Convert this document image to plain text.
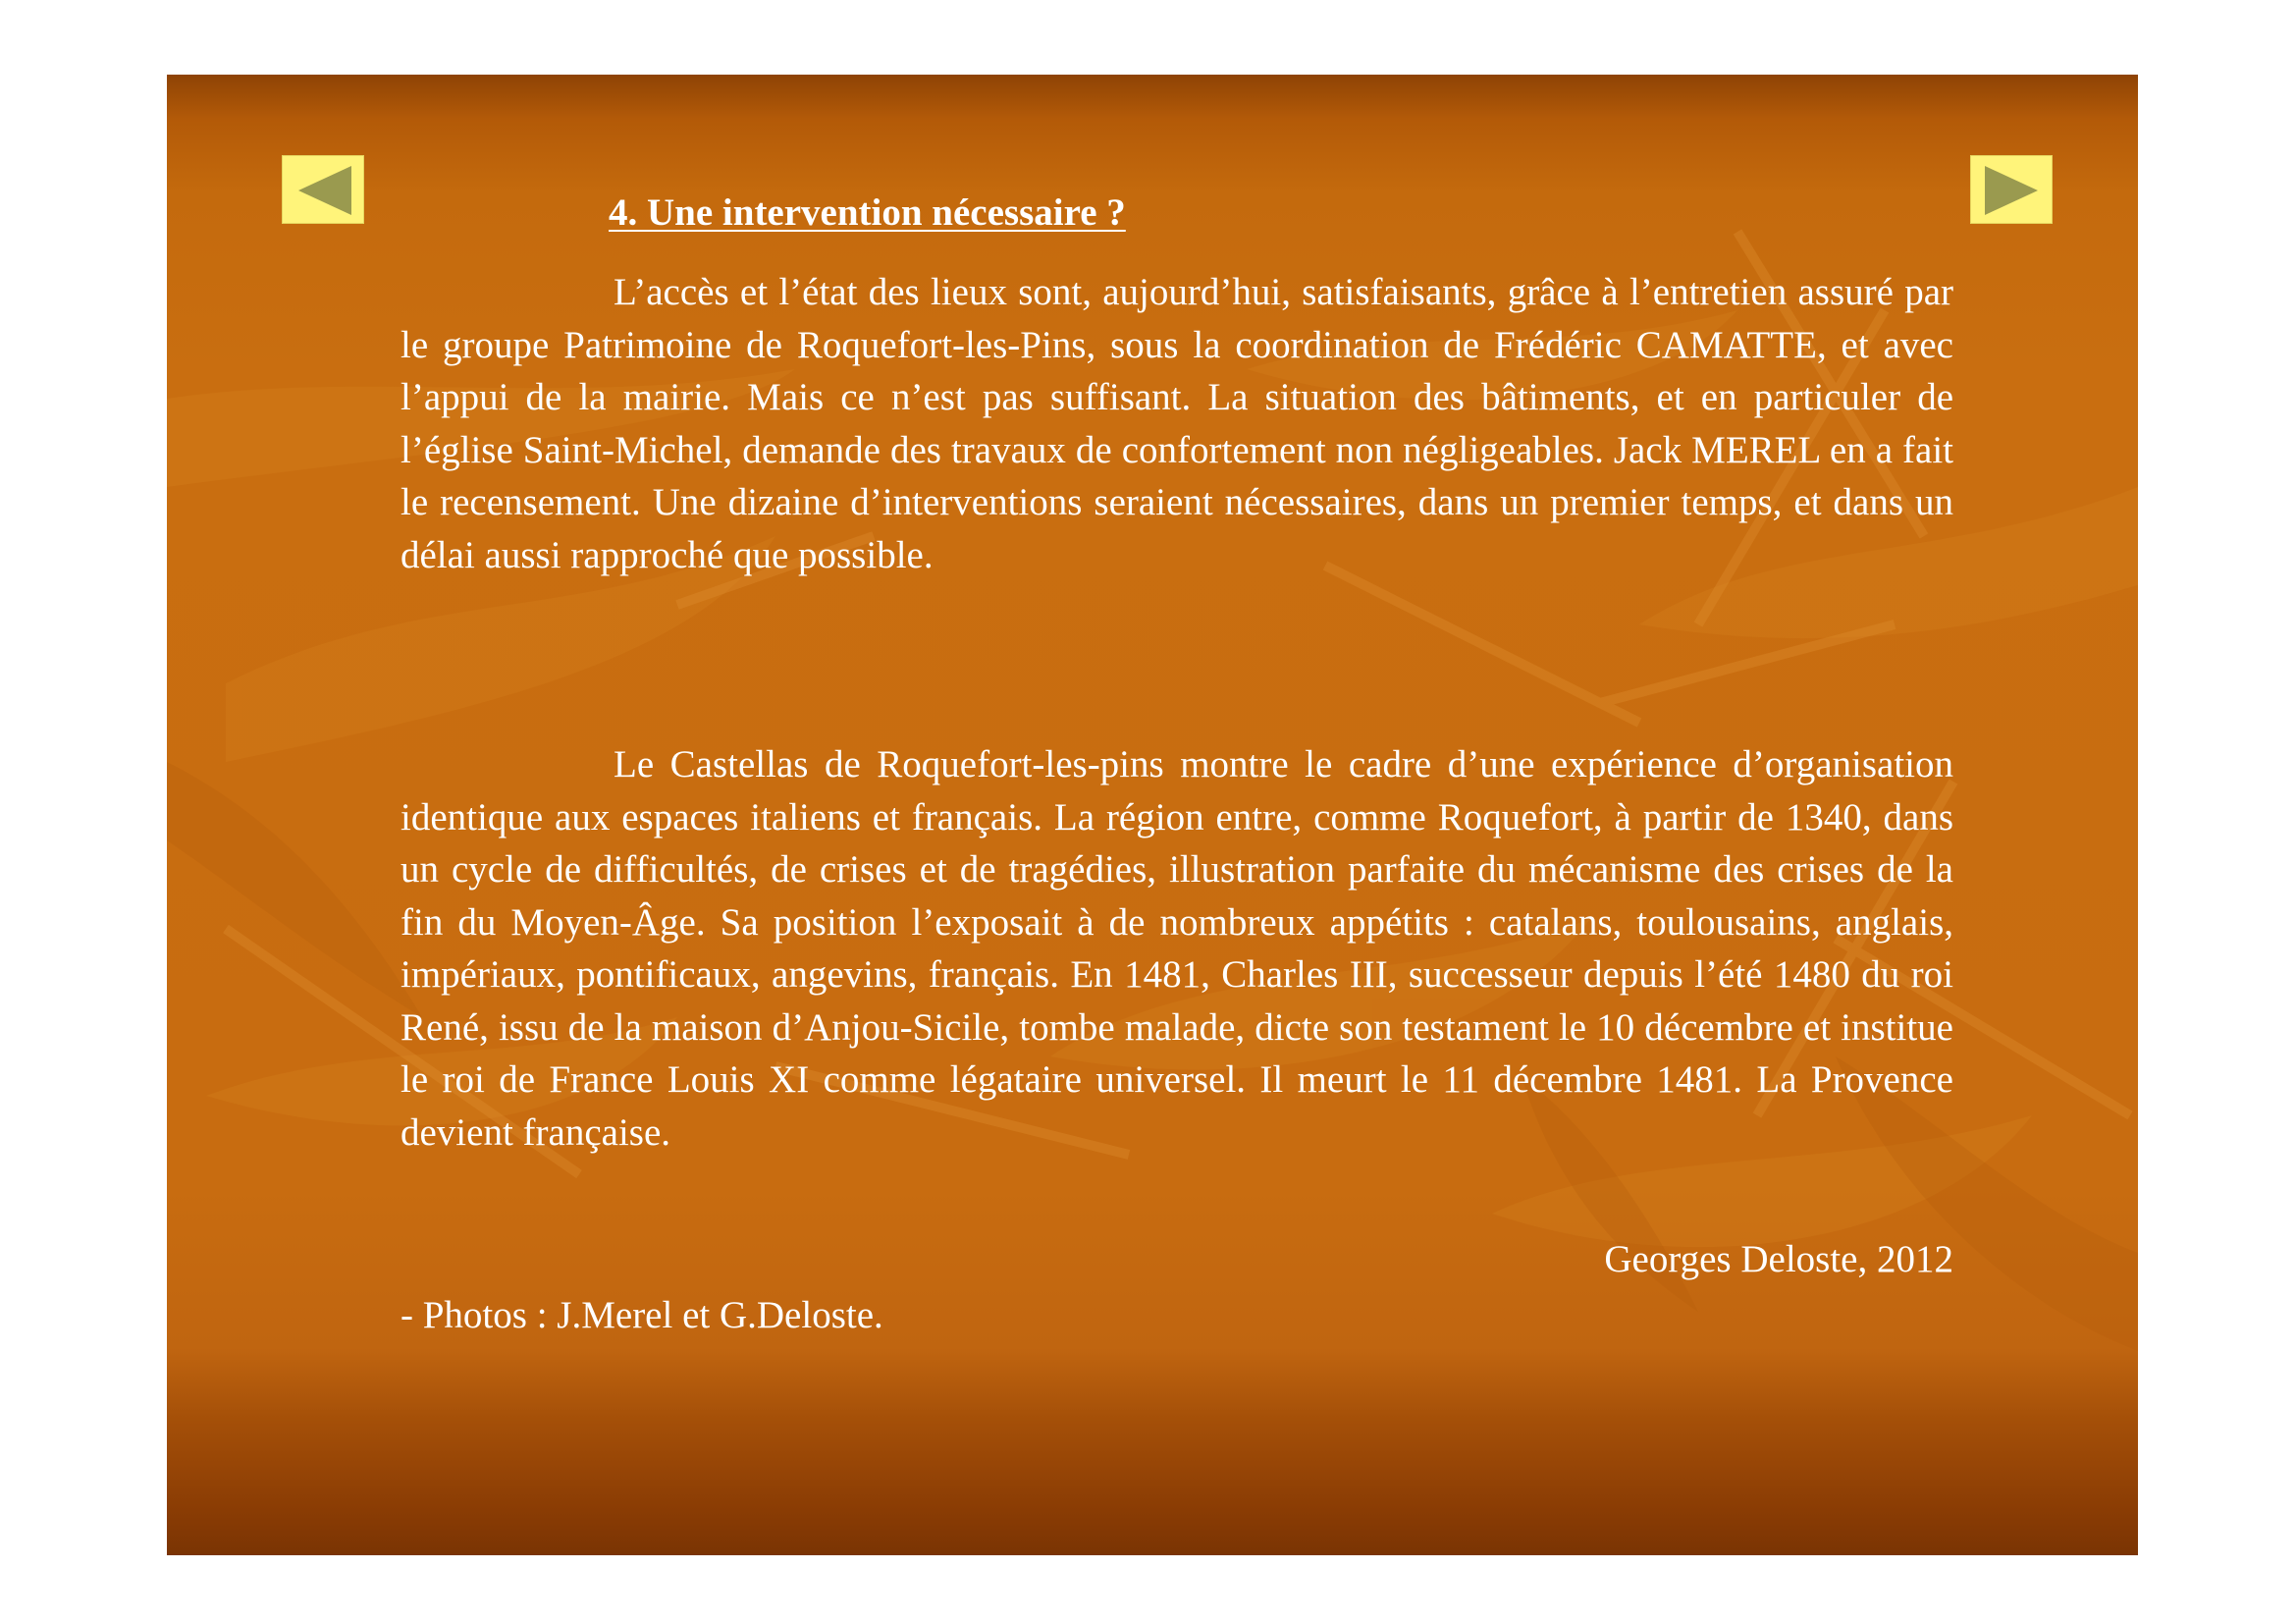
4. Une intervention nécessaire ?

L’accès et l’état des lieux sont, aujourd’hui, satisfaisants, grâce à l’entretien assuré par le groupe Patrimoine de Roquefort-les-Pins, sous la coordination de Frédéric CAMATTE, et avec l’appui de la mairie. Mais ce n’est pas suffisant. La situation des bâtiments, et en particuler de l’église Saint-Michel, demande des travaux de confortement non négligeables. Jack MEREL en a fait le recensement. Une dizaine d’interventions seraient nécessaires, dans un premier temps, et dans un délai aussi rapproché que possible.

Le Castellas de Roquefort-les-pins montre le cadre d’une expérience d’organisation identique aux espaces italiens et français. La région entre, comme Roquefort, à partir de 1340, dans un cycle de difficultés, de crises et de tragédies, illustration parfaite du mécanisme des crises de la fin du Moyen-Âge. Sa position l’exposait à de nombreux appétits : catalans, toulousains, anglais, impériaux, pontificaux, angevins, français. En 1481, Charles III, successeur depuis l’été 1480 du roi René, issu de la maison d’Anjou-Sicile, tombe malade, dicte son testament le 10 décembre et institue le roi de France Louis XI comme légataire universel. Il meurt le 11 décembre 1481. La Provence devient française.

Georges Deloste, 2012

- Photos : J.Merel et G.Deloste.
